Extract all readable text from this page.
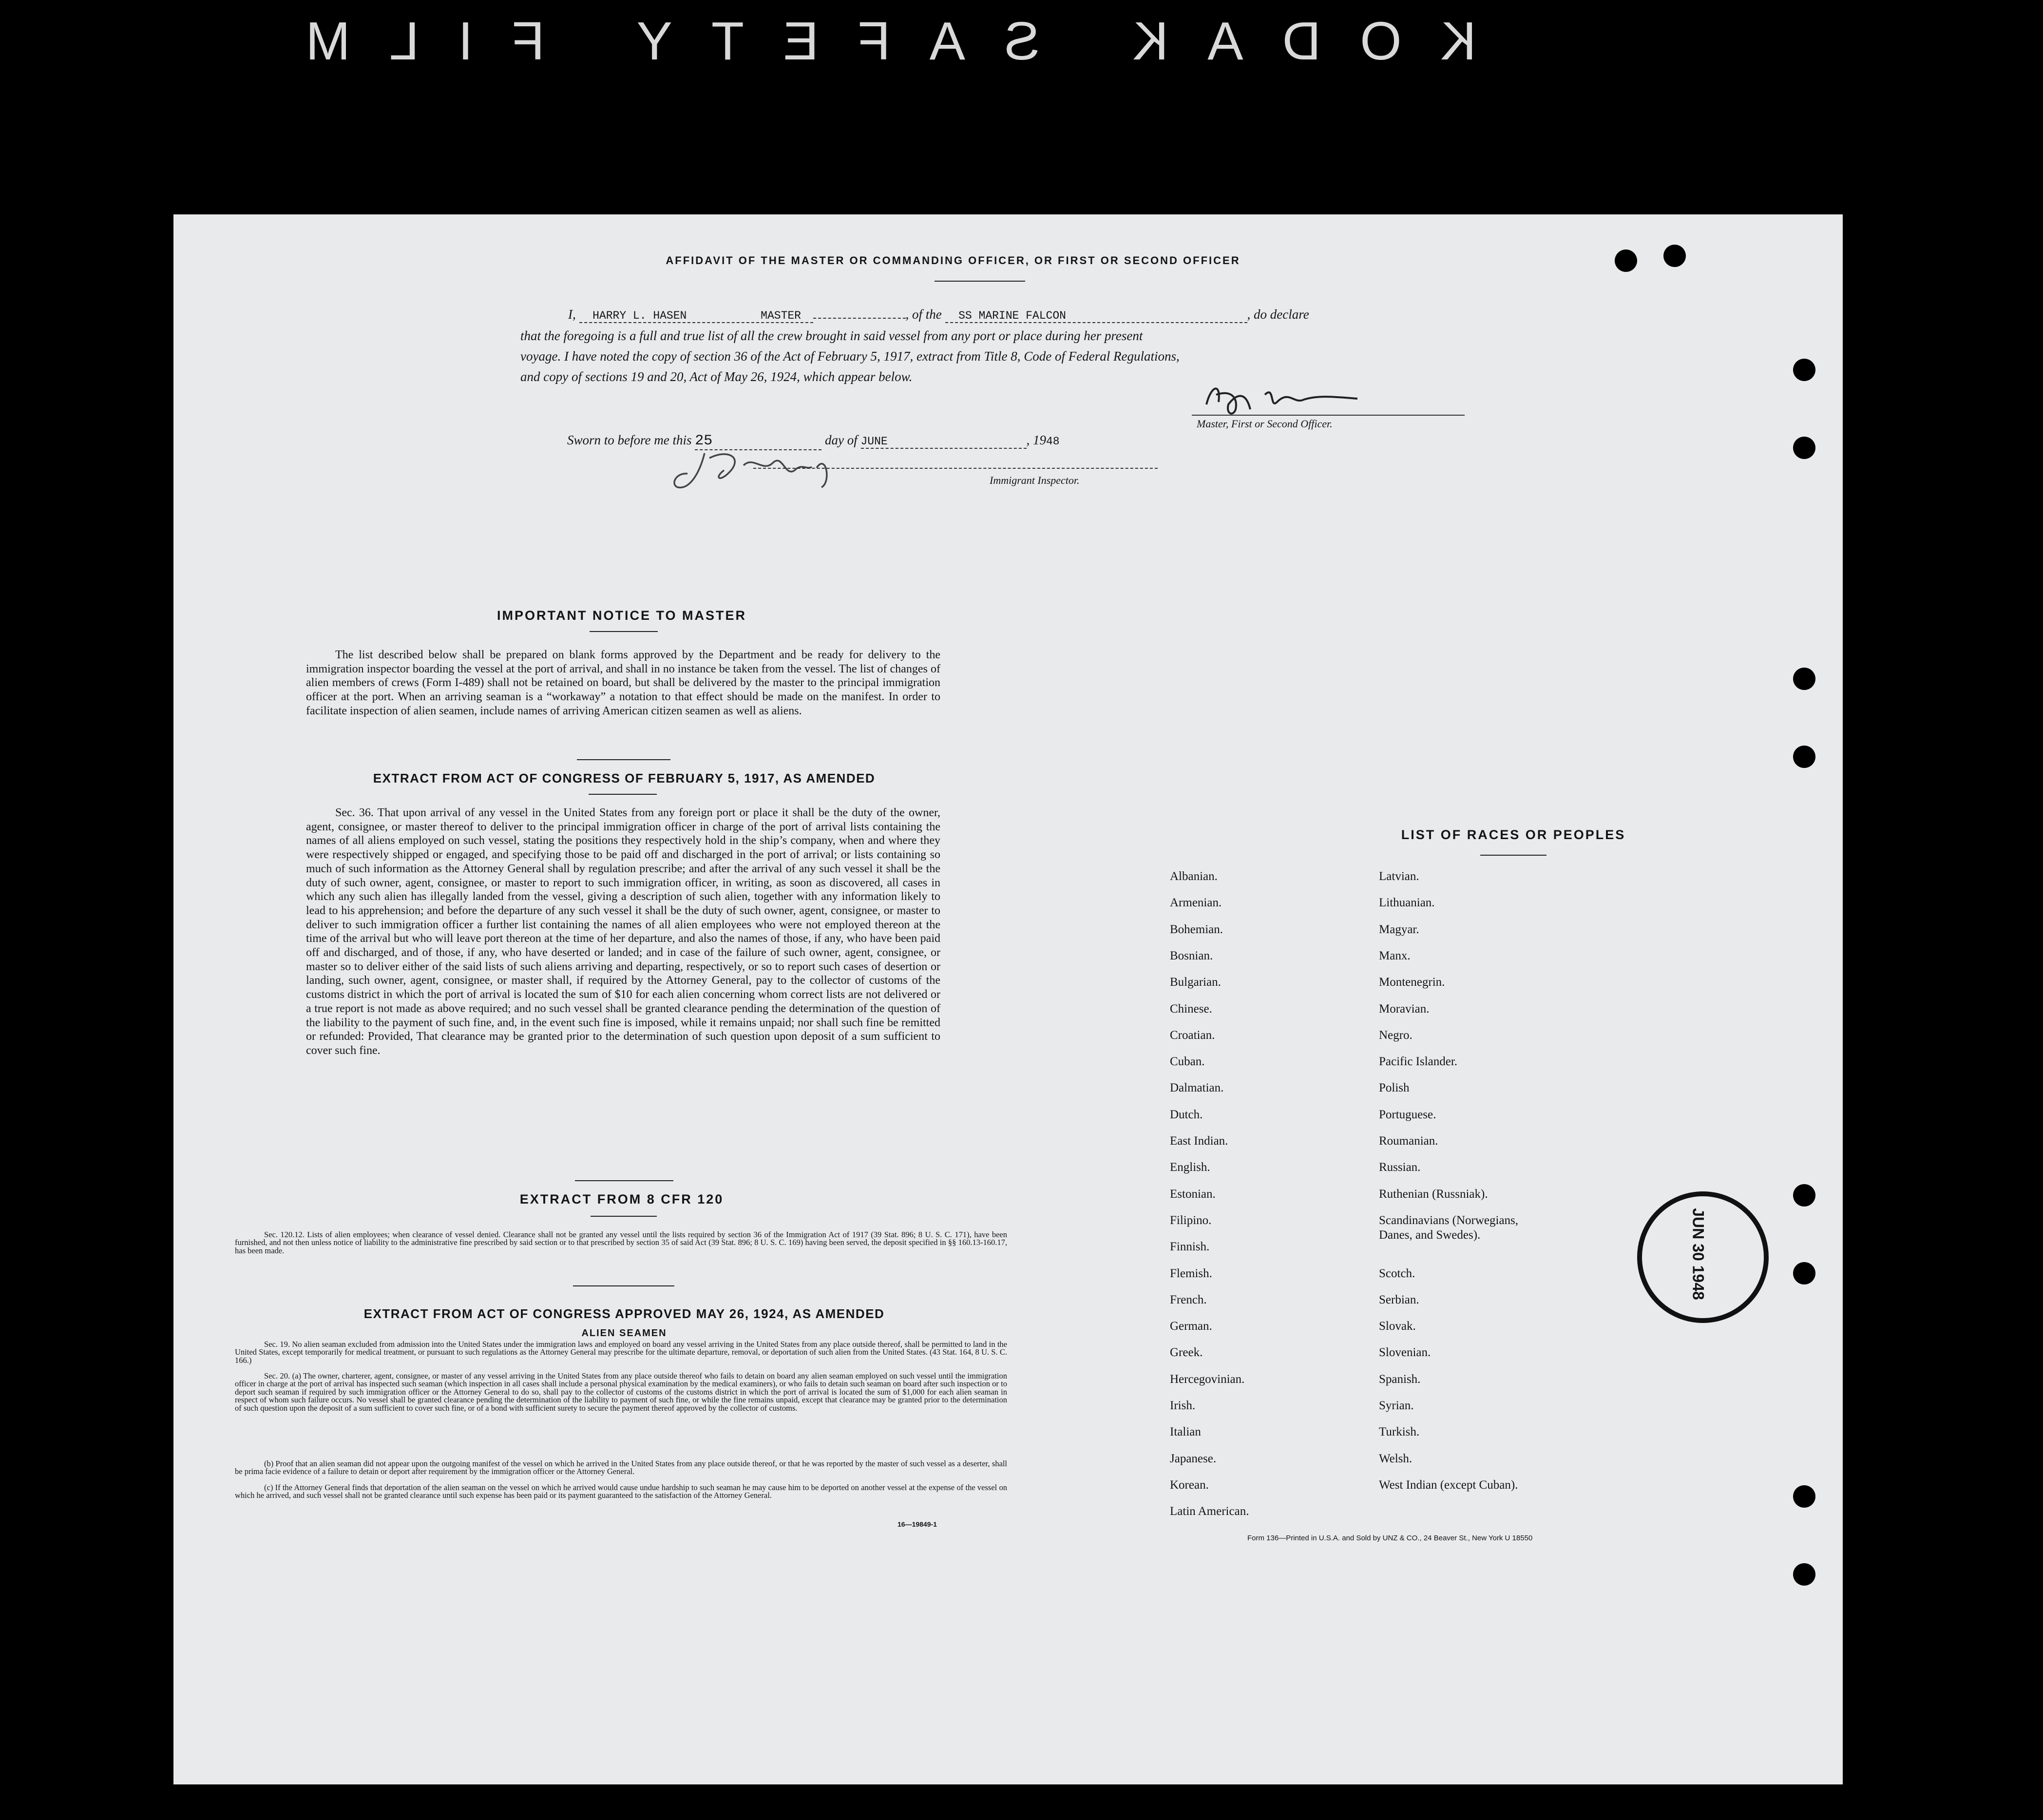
KODAK SAFETY FILM
AFFIDAVIT OF THE MASTER OR COMMANDING OFFICER, OR FIRST OR SECOND OFFICER
I, HARRY L. HASEN	MASTER	, of the SS MARINE FALCON	, do declare
that the foregoing is a full and true list of all the crew brought in said vessel from any port or place during her present
voyage. I have noted the copy of section 36 of the Act of February 5, 1917, extract from Title 8, Code of Federal Regulations,
and copy of sections 19 and 20, Act of May 26, 1924, which appear below.
Master, First or Second Officer.
Sworn to before me this 25	day of JUNE	, 1948
Immigrant Inspector.
IMPORTANT NOTICE TO MASTER
The list described below shall be prepared on blank forms approved by the Department and be ready for delivery to the immigration inspector boarding the vessel at the port of arrival, and shall in no instance be taken from the vessel. The list of changes of alien members of crews (Form I-489) shall not be retained on board, but shall be delivered by the master to the principal immigration officer at the port. When an arriving seaman is a “workaway” a notation to that effect should be made on the manifest. In order to facilitate inspection of alien seamen, include names of arriving American citizen seamen as well as aliens.
EXTRACT FROM ACT OF CONGRESS OF FEBRUARY 5, 1917, AS AMENDED
Sec. 36. That upon arrival of any vessel in the United States from any foreign port or place it shall be the duty of the owner, agent, consignee, or master thereof to deliver to the principal immigration officer in charge of the port of arrival lists containing the names of all aliens employed on such vessel, stating the positions they respectively hold in the ship’s company, when and where they were respectively shipped or engaged, and specifying those to be paid off and discharged in the port of arrival; or lists containing so much of such information as the Attorney General shall by regulation prescribe; and after the arrival of any such vessel it shall be the duty of such owner, agent, consignee, or master to report to such immigration officer, in writing, as soon as discovered, all cases in which any such alien has illegally landed from the vessel, giving a description of such alien, together with any information likely to lead to his apprehension; and before the departure of any such vessel it shall be the duty of such owner, agent, consignee, or master to deliver to such immigration officer a further list containing the names of all alien employees who were not employed thereon at the time of the arrival but who will leave port thereon at the time of her departure, and also the names of those, if any, who have been paid off and discharged, and of those, if any, who have deserted or landed; and in case of the failure of such owner, agent, consignee, or master so to deliver either of the said lists of such aliens arriving and departing, respectively, or so to report such cases of desertion or landing, such owner, agent, consignee, or master shall, if required by the Attorney General, pay to the collector of customs of the customs district in which the port of arrival is located the sum of $10 for each alien concerning whom correct lists are not delivered or a true report is not made as above required; and no such vessel shall be granted clearance pending the determination of the question of the liability to the payment of such fine, and, in the event such fine is imposed, while it remains unpaid; nor shall such fine be remitted or refunded: Provided, That clearance may be granted prior to the determination of such question upon deposit of a sum sufficient to cover such fine.
EXTRACT FROM 8 CFR 120
Sec. 120.12. Lists of alien employees; when clearance of vessel denied. Clearance shall not be granted any vessel until the lists required by section 36 of the Immigration Act of 1917 (39 Stat. 896; 8 U. S. C. 171), have been furnished, and not then unless notice of liability to the administrative fine prescribed by said section or to that prescribed by section 35 of said Act (39 Stat. 896; 8 U. S. C. 169) having been served, the deposit specified in §§ 160.13-160.17, has been made.
EXTRACT FROM ACT OF CONGRESS APPROVED MAY 26, 1924, AS AMENDED
ALIEN SEAMEN
Sec. 19. No alien seaman excluded from admission into the United States under the immigration laws and employed on board any vessel arriving in the United States from any place outside thereof, shall be permitted to land in the United States, except temporarily for medical treatment, or pursuant to such regulations as the Attorney General may prescribe for the ultimate departure, removal, or deportation of such alien from the United States. (43 Stat. 164, 8 U. S. C. 166.)
Sec. 20. (a) The owner, charterer, agent, consignee, or master of any vessel arriving in the United States from any place outside thereof who fails to detain on board any alien seaman employed on such vessel until the immigration officer in charge at the port of arrival has inspected such seaman (which inspection in all cases shall include a personal physical examination by the medical examiners), or who fails to detain such seaman on board after such inspection or to deport such seaman if required by such immigration officer or the Attorney General to do so, shall pay to the collector of customs of the customs district in which the port of arrival is located the sum of $1,000 for each alien seaman in respect of whom such failure occurs. No vessel shall be granted clearance pending the determination of the liability to payment of such fine, or while the fine remains unpaid, except that clearance may be granted prior to the determination of such question upon the deposit of a sum sufficient to cover such fine, or of a bond with sufficient surety to secure the payment thereof approved by the collector of customs.
(b) Proof that an alien seaman did not appear upon the outgoing manifest of the vessel on which he arrived in the United States from any place outside thereof, or that he was reported by the master of such vessel as a deserter, shall be prima facie evidence of a failure to detain or deport after requirement by the immigration officer or the Attorney General.
(c) If the Attorney General finds that deportation of the alien seaman on the vessel on which he arrived would cause undue hardship to such seaman he may cause him to be deported on another vessel at the expense of the vessel on which he arrived, and such vessel shall not be granted clearance until such expense has been paid or its payment guaranteed to the satisfaction of the Attorney General.
16—19849-1
LIST OF RACES OR PEOPLES
Albanian.
Armenian.
Bohemian.
Bosnian.
Bulgarian.
Chinese.
Croatian.
Cuban.
Dalmatian.
Dutch.
East Indian.
English.
Estonian.
Filipino.
Finnish.
Flemish.
French.
German.
Greek.
Hercegovinian.
Irish.
Italian
Japanese.
Korean.
Latin American.
Latvian.
Lithuanian.
Magyar.
Manx.
Montenegrin.
Moravian.
Negro.
Pacific Islander.
Polish
Portuguese.
Roumanian.
Russian.
Ruthenian (Russniak).
Scandinavians (Norwegians,
Danes, and Swedes).
Scotch.
Serbian.
Slovak.
Slovenian.
Spanish.
Syrian.
Turkish.
Welsh.
West Indian (except Cuban).
Form 136—Printed in U.S.A. and Sold by UNZ & CO., 24 Beaver St., New York U 18550
JUN 30 1948
